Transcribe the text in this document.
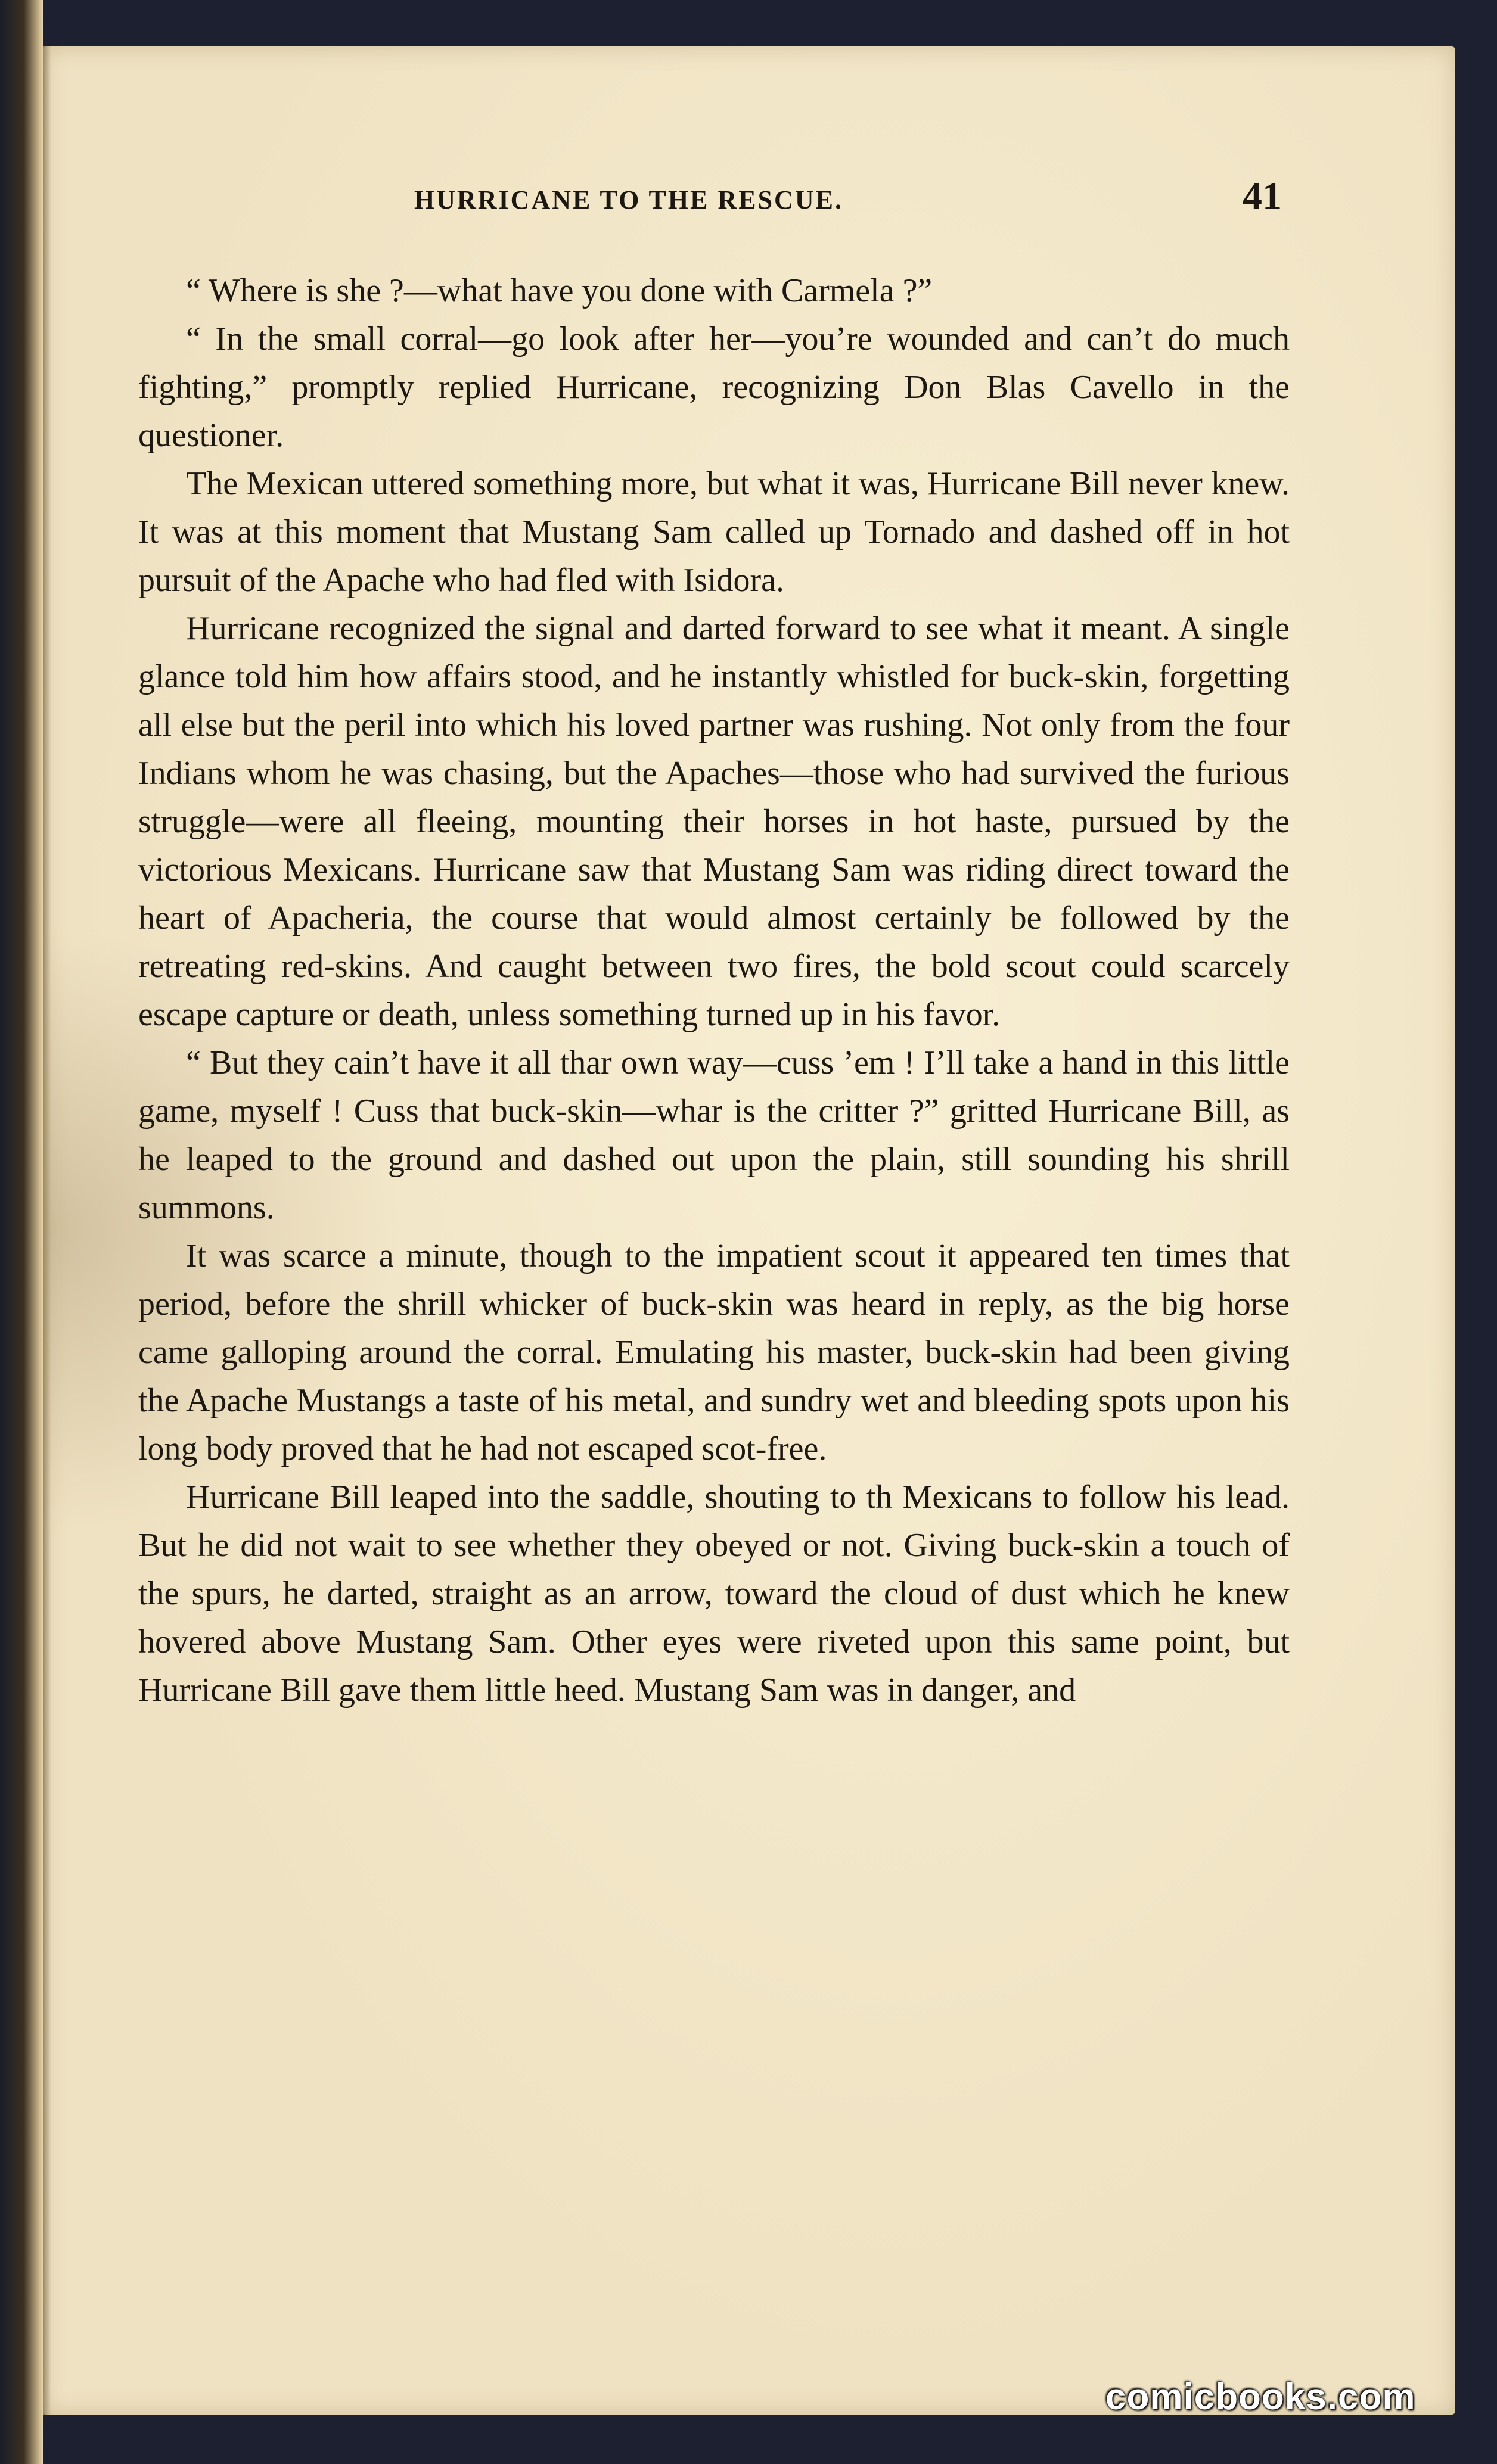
HURRICANE TO THE RESCUE.	41

“ Where is she ?—what have you done with Carmela ?”

“ In the small corral—go look after her—you’re wounded and can’t do much fighting,” promptly replied Hurricane, recognizing Don Blas Cavello in the questioner.

The Mexican uttered something more, but what it was, Hurricane Bill never knew. It was at this moment that Mustang Sam called up Tornado and dashed off in hot pursuit of the Apache who had fled with Isidora.

Hurricane recognized the signal and darted forward to see what it meant. A single glance told him how affairs stood, and he instantly whistled for buck-skin, forgetting all else but the peril into which his loved partner was rushing. Not only from the four Indians whom he was chasing, but the Apaches—those who had survived the furious struggle—were all fleeing, mounting their horses in hot haste, pursued by the victorious Mexicans. Hurricane saw that Mustang Sam was riding direct toward the heart of Apacheria, the course that would almost certainly be followed by the retreating red-skins. And caught between two fires, the bold scout could scarcely escape capture or death, unless something turned up in his favor.

“ But they cain’t have it all thar own way—cuss ’em ! I’ll take a hand in this little game, myself ! Cuss that buck-skin—whar is the critter ?” gritted Hurricane Bill, as he leaped to the ground and dashed out upon the plain, still sounding his shrill summons.

It was scarce a minute, though to the impatient scout it appeared ten times that period, before the shrill whicker of buck-skin was heard in reply, as the big horse came galloping around the corral. Emulating his master, buck-skin had been giving the Apache Mustangs a taste of his metal, and sundry wet and bleeding spots upon his long body proved that he had not escaped scot-free.

Hurricane Bill leaped into the saddle, shouting to th Mexicans to follow his lead. But he did not wait to see whether they obeyed or not. Giving buck-skin a touch of the spurs, he darted, straight as an arrow, toward the cloud of dust which he knew hovered above Mustang Sam. Other eyes were riveted upon this same point, but Hurricane Bill gave them little heed. Mustang Sam was in danger, and

comicbooks.com
